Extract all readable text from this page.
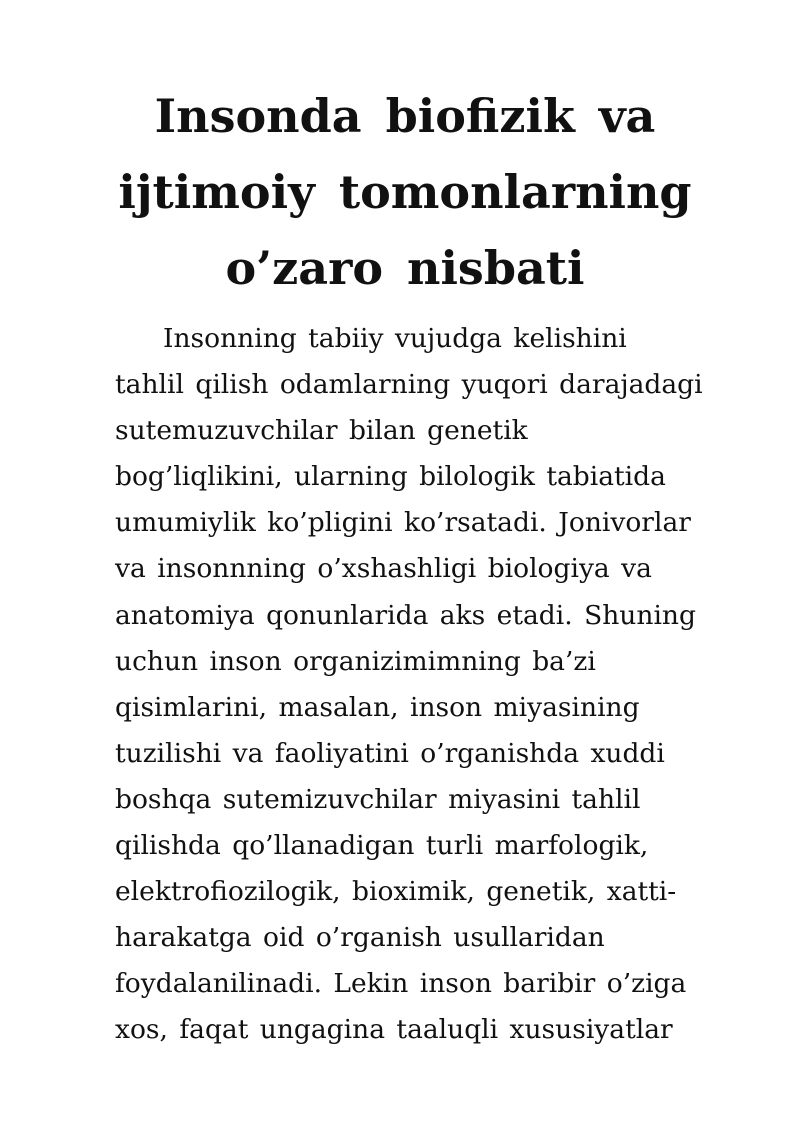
Insonda biofizik va
ijtimoiy tomonlarning
o’zaro nisbati

Insonning tabiiy vujudga kelishini
tahlil qilish odamlarning yuqori darajadagi
sutemuzuvchilar bilan genetik
bog’liqlikini, ularning bilologik tabiatida
umumiylik ko’pligini ko’rsatadi. Jonivorlar
va insonnning o’xshashligi biologiya va
anatomiya qonunlarida aks etadi. Shuning
uchun inson organizimimning ba’zi
qisimlarini, masalan, inson miyasining
tuzilishi va faoliyatini o’rganishda xuddi
boshqa sutemizuvchilar miyasini tahlil
qilishda qo’llanadigan turli marfologik,
elektrofiozilogik, bioximik, genetik, xatti-
harakatga oid o’rganish usullaridan
foydalanilinadi. Lekin inson baribir o’ziga
xos, faqat ungagina taaluqli xususiyatlar
